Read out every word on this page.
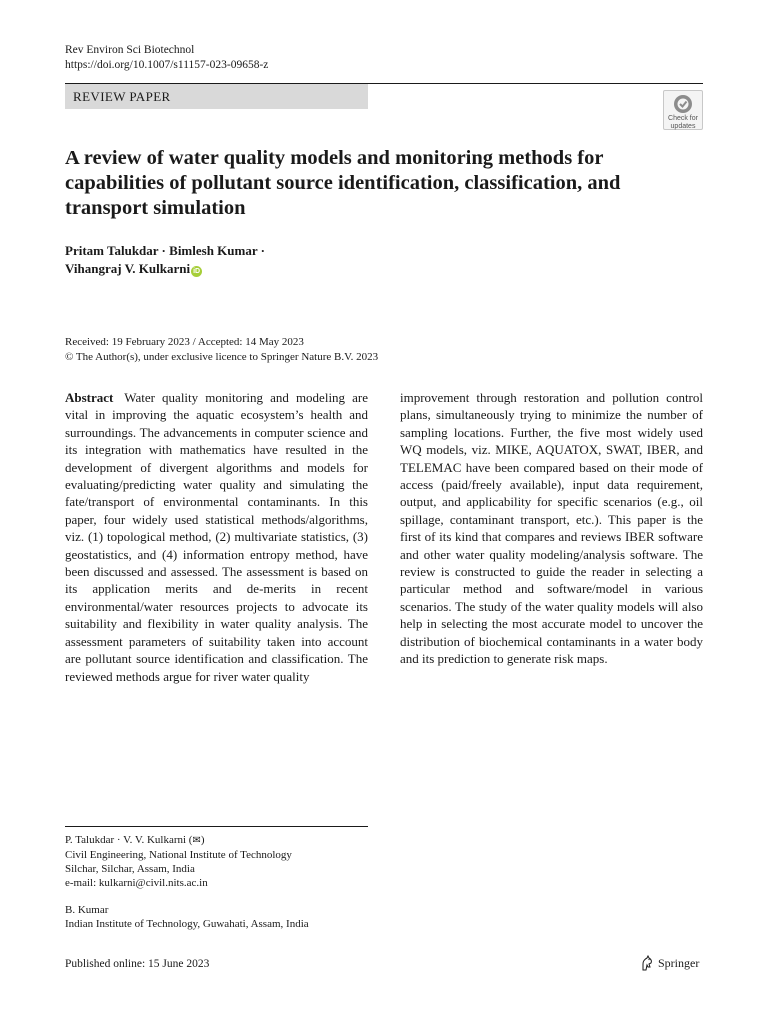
Rev Environ Sci Biotechnol
https://doi.org/10.1007/s11157-023-09658-z
REVIEW PAPER
Check for
updates
A review of water quality models and monitoring methods for capabilities of pollutant source identification, classification, and transport simulation
Pritam Talukdar · Bimlesh Kumar ·
Vihangraj V. Kulkarni iD
Received: 19 February 2023 / Accepted: 14 May 2023
© The Author(s), under exclusive licence to Springer Nature B.V. 2023

Abstract Water quality monitoring and modeling are vital in improving the aquatic ecosystem’s health and surroundings. The advancements in computer science and its integration with mathematics have resulted in the development of divergent algorithms and models for evaluating/predicting water quality and simulating the fate/transport of environmental contaminants. In this paper, four widely used statistical methods/algorithms, viz. (1) topological method, (2) multivariate statistics, (3) geostatistics, and (4) information entropy method, have been discussed and assessed. The assessment is based on its application merits and de-merits in recent environmental/water resources projects to advocate its suitability and flexibility in water quality analysis. The assessment parameters of suitability taken into account are pollutant source identification and classification. The reviewed methods argue for river water quality

improvement through restoration and pollution control plans, simultaneously trying to minimize the number of sampling locations. Further, the five most widely used WQ models, viz. MIKE, AQUATOX, SWAT, IBER, and TELEMAC have been compared based on their mode of access (paid/freely available), input data requirement, output, and applicability for specific scenarios (e.g., oil spillage, contaminant transport, etc.). This paper is the first of its kind that compares and reviews IBER software and other water quality modeling/analysis software. The review is constructed to guide the reader in selecting a particular method and software/model in various scenarios. The study of the water quality models will also help in selecting the most accurate model to uncover the distribution of biochemical contaminants in a water body and its prediction to generate risk maps.

P. Talukdar · V. V. Kulkarni (✉)
Civil Engineering, National Institute of Technology
Silchar, Silchar, Assam, India
e-mail: kulkarni@civil.nits.ac.in
B. Kumar
Indian Institute of Technology, Guwahati, Assam, India
Published online: 15 June 2023	Springer
